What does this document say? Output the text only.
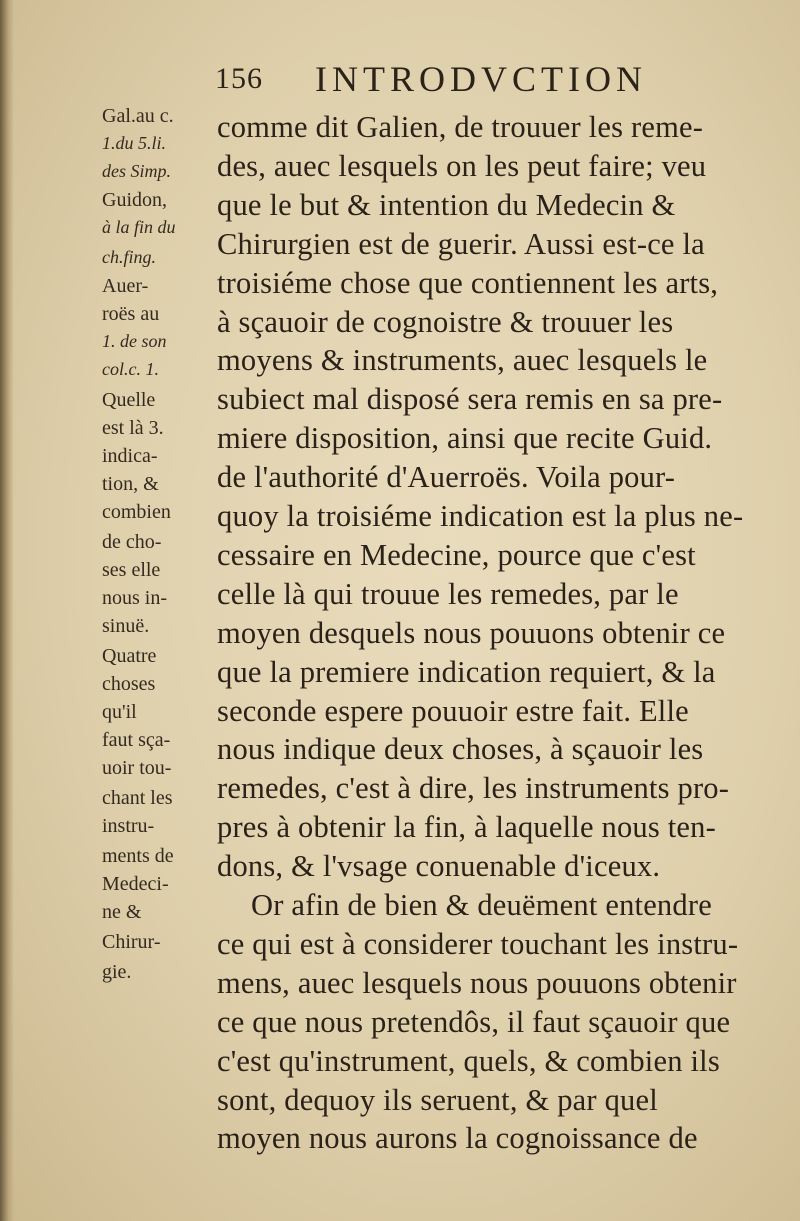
156 INTRODVCTION
Gal.au c.
1.du 5.li.
des Simp.
Guidon,
à la fin du
ch.fing.
Auer-
roës au
1. de son
col.c. 1.
Quelle
est là 3.
indica-
tion, &
combien
de cho-
ses elle
nous in-
sinuë.
Quatre
choses
qu'il
faut sça-
uoir tou-
chant les
instru-
ments de
Medeci-
ne &
Chirur-
gie.
comme dit Galien, de trouuer les reme-
des, auec lesquels on les peut faire; veu
que le but & intention du Medecin &
Chirurgien est de guerir. Aussi est-ce la
troisiéme chose que contiennent les arts,
à sçauoir de cognoistre & trouuer les
moyens & instruments, auec lesquels le
subiect mal disposé sera remis en sa pre-
miere disposition, ainsi que recite Guid.
de l'authorité d'Auerroës. Voila pour-
quoy la troisiéme indication est la plus ne-
cessaire en Medecine, pource que c'est
celle là qui trouue les remedes, par le
moyen desquels nous pouuons obtenir ce
que la premiere indication requiert, & la
seconde espere pouuoir estre fait. Elle
nous indique deux choses, à sçauoir les
remedes, c'est à dire, les instruments pro-
pres à obtenir la fin, à laquelle nous ten-
dons, & l'vsage conuenable d'iceux.
Or afin de bien & deuëment entendre
ce qui est à considerer touchant les instru-
mens, auec lesquels nous pouuons obtenir
ce que nous pretendôs, il faut sçauoir que
c'est qu'instrument, quels, & combien ils
sont, dequoy ils seruent, & par quel
moyen nous aurons la cognoissance de
